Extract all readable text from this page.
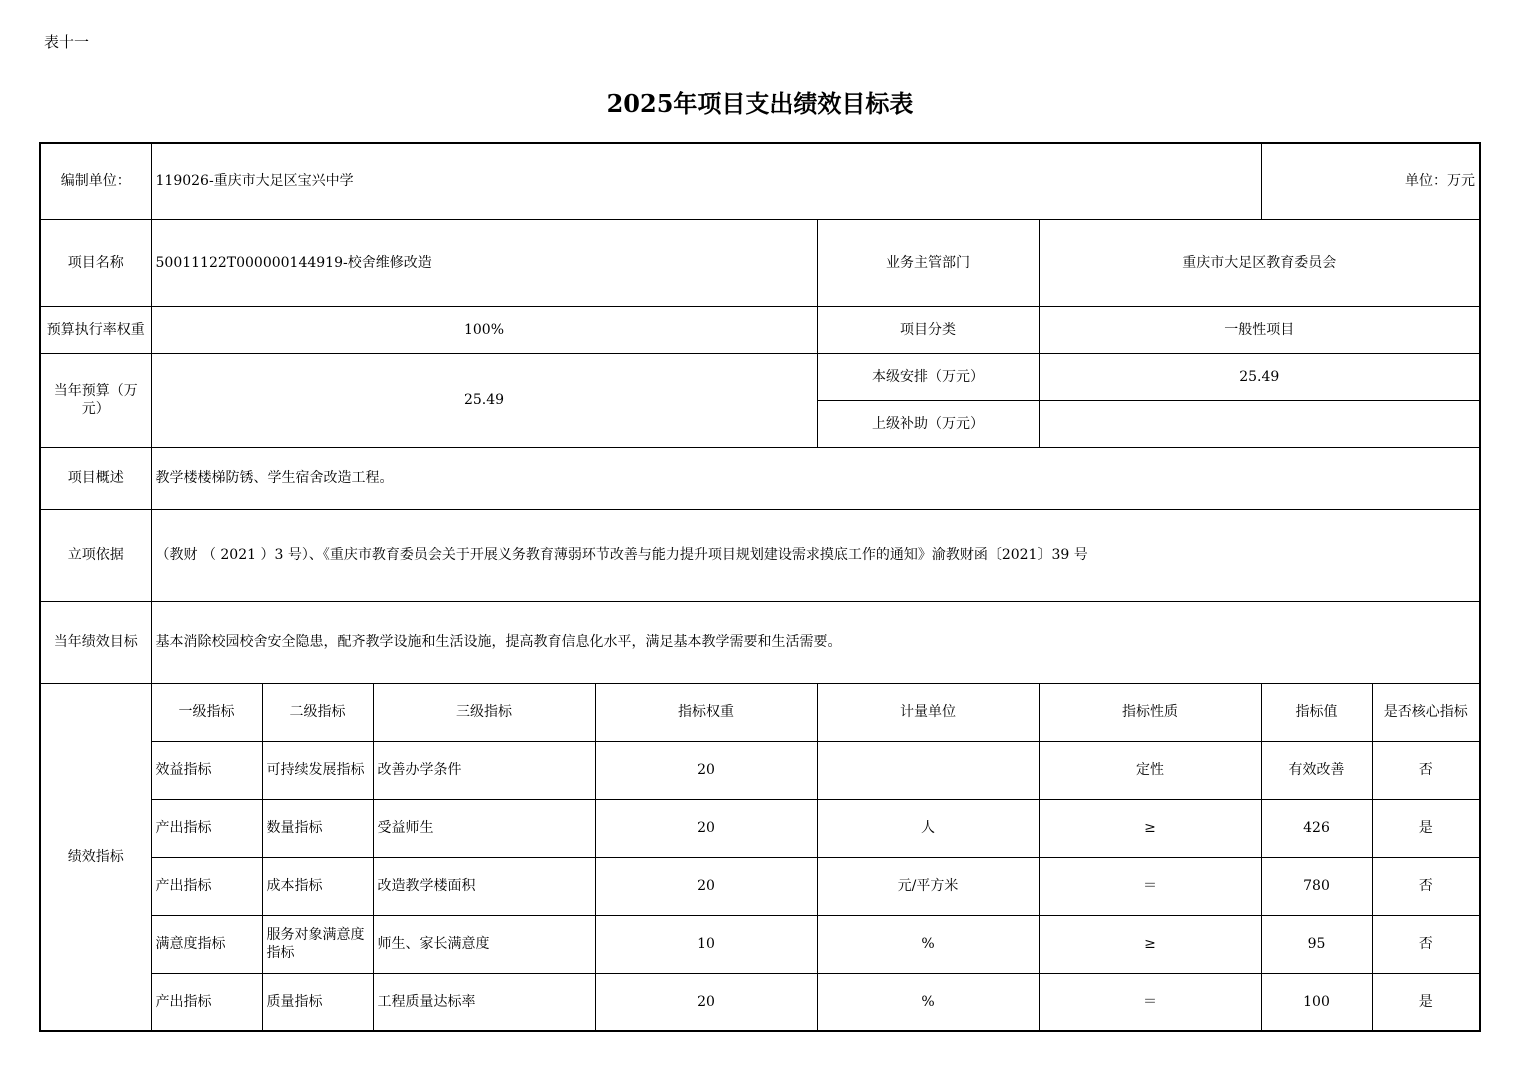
表十一
2025年项目支出绩效目标表
编制单位：	119026-重庆市大足区宝兴中学						单位：万元	
项目名称	50011122T000000144919-校舍维修改造				业务主管部门	重庆市大足区教育委员会		
预算执行率权重	100%				项目分类	一般性项目		
当年预算（万元）	25.49				本级安排（万元）	25.49		
					上级补助（万元）			
项目概述	教学楼楼梯防锈、学生宿舍改造工程。							
立项依据	（教财 （ 2021 ）3 号）、《重庆市教育委员会关于开展义务教育薄弱环节改善与能力提升项目规划建设需求摸底工作的通知》渝教财函〔2021〕39 号							
当年绩效目标	基本消除校园校舍安全隐患，配齐教学设施和生活设施，提高教育信息化水平，满足基本教学需要和生活需要。							
绩效指标	一级指标	二级指标	三级指标	指标权重	计量单位	指标性质	指标值	是否核心指标
	效益指标	可持续发展指标	改善办学条件	20		定性	有效改善	否
	产出指标	数量指标	受益师生	20	人	≥	426	是
	产出指标	成本指标	改造教学楼面积	20	元/平方米	＝	780	否
	满意度指标	服务对象满意度指标	师生、家长满意度	10	%	≥	95	否
	产出指标	质量指标	工程质量达标率	20	%	＝	100	是
